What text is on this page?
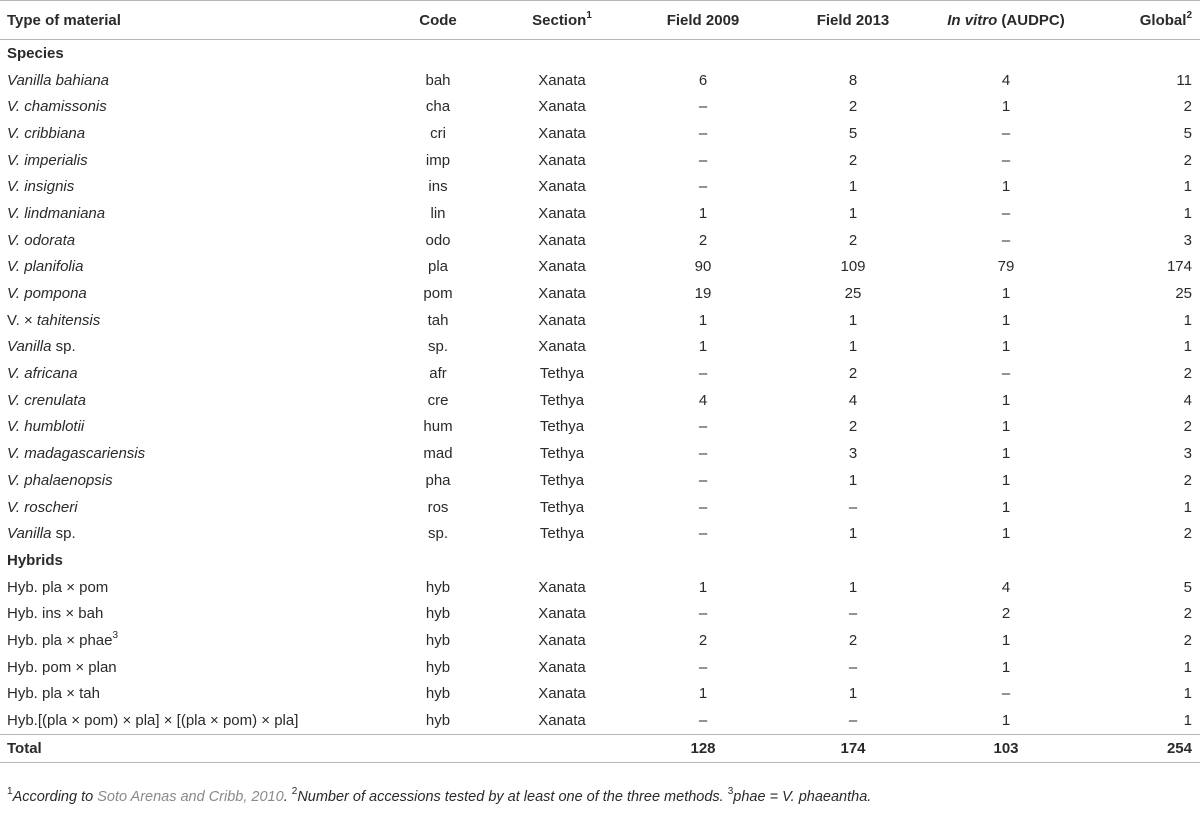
Type of material	Code	Section$^1$	Field 2009	Field 2013	In vitro (AUDPC)	Global$^2$
Species						
Vanilla bahiana	bah	Xanata	6	8	4	11
V. chamissonis	cha	Xanata	–	2	1	2
V. cribbiana	cri	Xanata	–	5	–	5
V. imperialis	imp	Xanata	–	2	–	2
V. insignis	ins	Xanata	–	1	1	1
V. lindmaniana	lin	Xanata	1	1	–	1
V. odorata	odo	Xanata	2	2	–	3
V. planifolia	pla	Xanata	90	109	79	174
V. pompona	pom	Xanata	19	25	1	25
V. × tahitensis	tah	Xanata	1	1	1	1
Vanilla sp.	sp.	Xanata	1	1	1	1
V. africana	afr	Tethya	–	2	–	2
V. crenulata	cre	Tethya	4	4	1	4
V. humblotii	hum	Tethya	–	2	1	2
V. madagascariensis	mad	Tethya	–	3	1	3
V. phalaenopsis	pha	Tethya	–	1	1	2
V. roscheri	ros	Tethya	–	–	1	1
Vanilla sp.	sp.	Tethya	–	1	1	2
Hybrids						
Hyb. pla × pom	hyb	Xanata	1	1	4	5
Hyb. ins × bah	hyb	Xanata	–	–	2	2
Hyb. pla × phae$^3$	hyb	Xanata	2	2	1	2
Hyb. pom × plan	hyb	Xanata	–	–	1	1
Hyb. pla × tah	hyb	Xanata	1	1	–	1
Hyb.[(pla × pom) × pla] × [(pla × pom) × pla]	hyb	Xanata	–	–	1	1
Total			128	174	103	254
$^1$According to Soto Arenas and Cribb, 2010. $^2$Number of accessions tested by at least one of the three methods. $^3$phae = V. phaeantha.
